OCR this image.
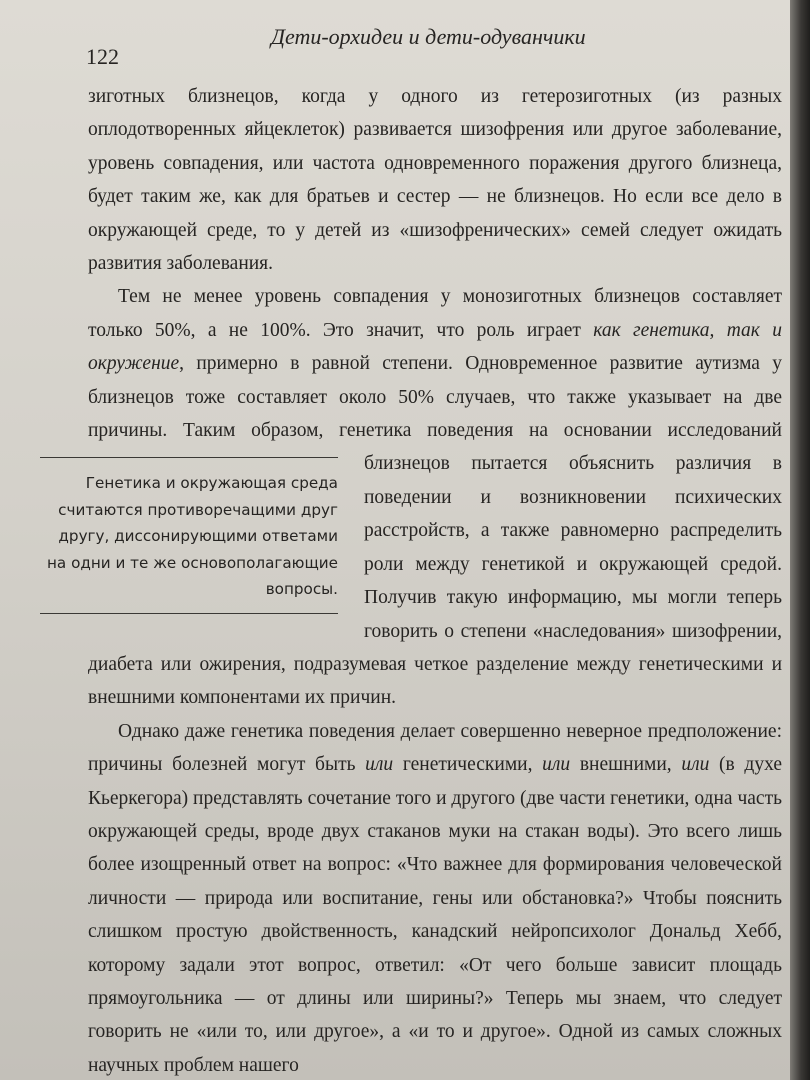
122
Дети-орхидеи и дети-одуванчики

зиготных близнецов, когда у одного из гетерозиготных (из разных оплодотворенных яйцеклеток) развивается шизофрения или другое заболевание, уровень совпадения, или частота одновременного поражения другого близнеца, будет таким же, как для братьев и сестер — не близнецов. Но если все дело в окружающей среде, то у детей из «шизофренических» семей следует ожидать развития заболевания.

Тем не менее уровень совпадения у монозиготных близнецов составляет только 50%, а не 100%. Это значит, что роль играет как генетика, так и окружение, примерно в равной степени. Одновременное развитие аутизма у близнецов тоже составляет около 50% случаев, что также указывает на две причины. Таким образом, генетика поведения на основании исследований близнецов пытается объяснить
Генетика и окружающая среда считаются противоречащими друг другу, диссонирующими ответами на одни и те же основополагающие вопросы.
различия в поведении и возникновении психических расстройств, а также равномерно распределить роли между генетикой и окружающей средой. Получив такую информацию, мы могли теперь говорить о степени «наследования» шизофрении, диабета или ожирения, подразумевая четкое разделение между генетическими и внешними компонентами их причин.

Однако даже генетика поведения делает совершенно неверное предположение: причины болезней могут быть или генетическими, или внешними, или (в духе Кьеркегора) представлять сочетание того и другого (две части генетики, одна часть окружающей среды, вроде двух стаканов муки на стакан воды). Это всего лишь более изощренный ответ на вопрос: «Что важнее для формирования человеческой личности — природа или воспитание, гены или обстановка?» Чтобы пояснить слишком простую двойственность, канадский нейропсихолог Дональд Хебб, которому задали этот вопрос, ответил: «От чего больше зависит площадь прямоугольника — от длины или ширины?» Теперь мы знаем, что следует говорить не «или то, или другое», а «и то и другое». Одной из самых сложных научных проблем нашего
